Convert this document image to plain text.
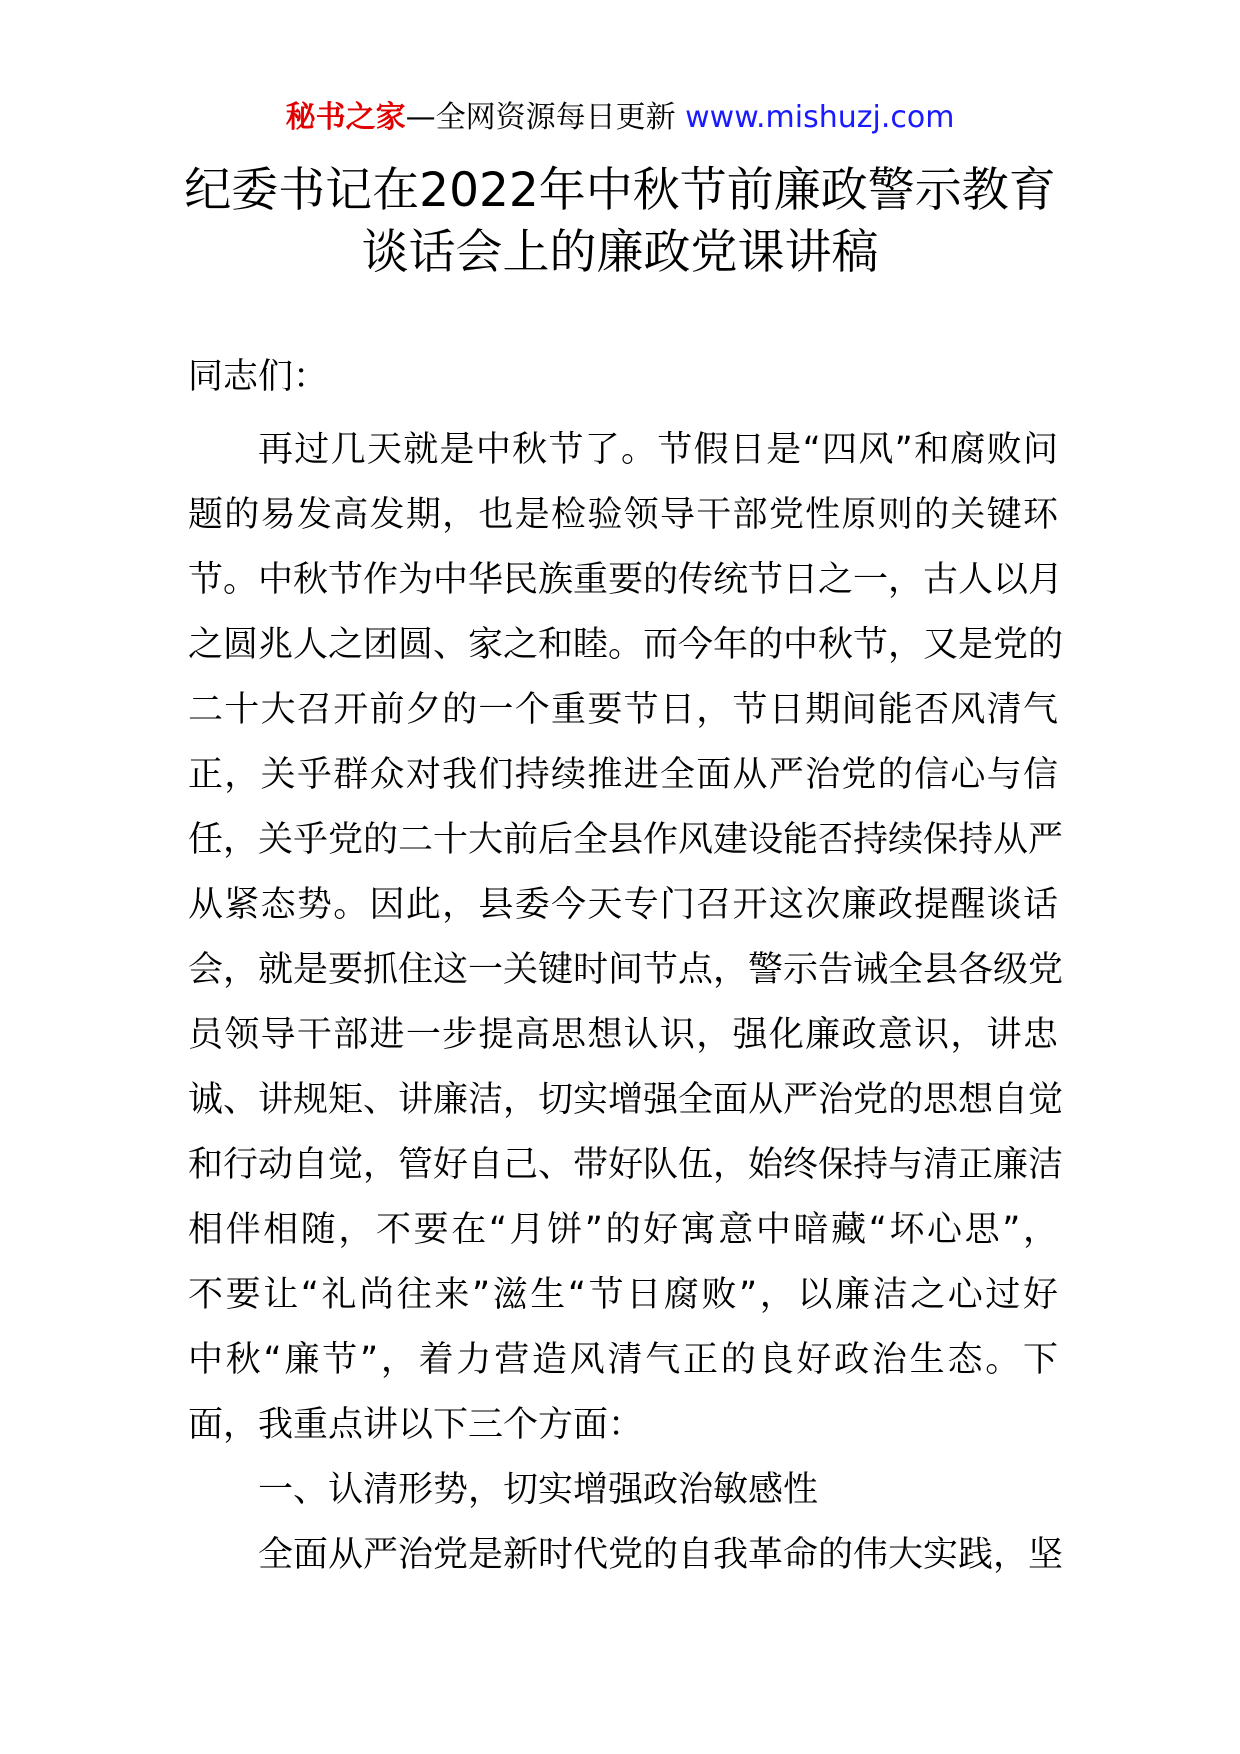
秘书之家—全网资源每日更新 www.mishuzj.com
纪委书记在2022年中秋节前廉政警示教育
谈话会上的廉政党课讲稿
同志们：
再过几天就是中秋节了。节假日是“四风”和腐败问
题的易发高发期，也是检验领导干部党性原则的关键环
节。中秋节作为中华民族重要的传统节日之一，古人以月
之圆兆人之团圆、家之和睦。而今年的中秋节，又是党的
二十大召开前夕的一个重要节日，节日期间能否风清气
正，关乎群众对我们持续推进全面从严治党的信心与信
任，关乎党的二十大前后全县作风建设能否持续保持从严
从紧态势。因此，县委今天专门召开这次廉政提醒谈话
会，就是要抓住这一关键时间节点，警示告诫全县各级党
员领导干部进一步提高思想认识，强化廉政意识，讲忠
诚、讲规矩、讲廉洁，切实增强全面从严治党的思想自觉
和行动自觉，管好自己、带好队伍，始终保持与清正廉洁
相伴相随，不要在“月饼”的好寓意中暗藏“坏心思”，
不要让“礼尚往来”滋生“节日腐败”，以廉洁之心过好
中秋“廉节”，着力营造风清气正的良好政治生态。下
面，我重点讲以下三个方面：
一、认清形势，切实增强政治敏感性
全面从严治党是新时代党的自我革命的伟大实践，坚
